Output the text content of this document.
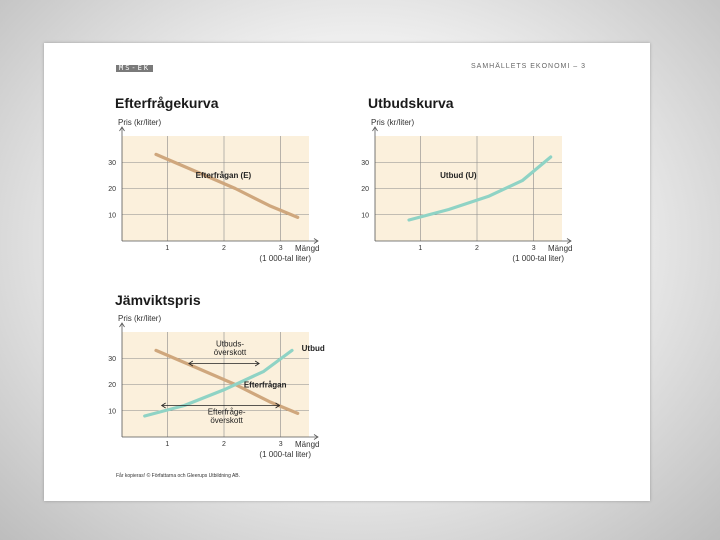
MS-EK	SAMHÄLLETS EKONOMI – 3
Efterfrågekurva	Utbudskurva
Jämviktspris
1	2	3
10
20
30
Pris (kr/liter)
Mängd
(1 000-tal liter)
Efterfrågan (E)
1	2	3
10
20
30
Pris (kr/liter)
Mängd
(1 000-tal liter)
Utbud (U)
1	2	3
10
20
30
Pris (kr/liter)
Mängd
(1 000-tal liter)
Utbud
Efterfrågan
Utbuds-
överskott
Efterfråge-
överskott
Får kopieras! © Författarna och Gleerups Utbildning AB.
